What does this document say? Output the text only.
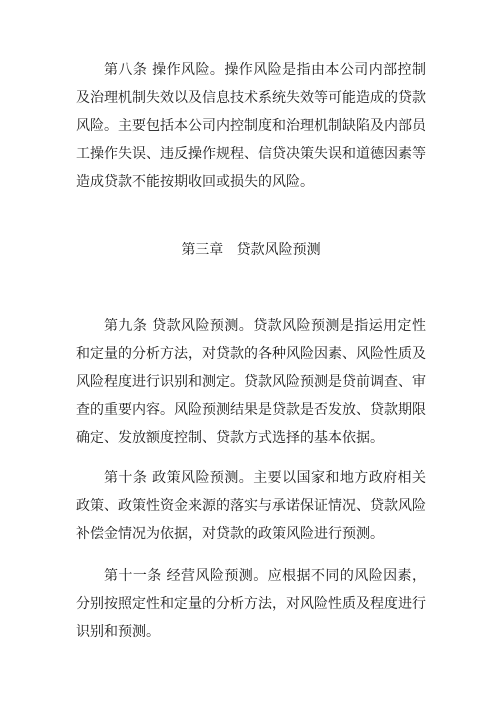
第八条 操作风险。操作风险是指由本公司内部控制及治理机制失效以及信息技术系统失效等可能造成的贷款风险。主要包括本公司内控制度和治理机制缺陷及内部员工操作失误、违反操作规程、信贷决策失误和道德因素等造成贷款不能按期收回或损失的风险。

第三章   贷款风险预测

第九条 贷款风险预测。贷款风险预测是指运用定性和定量的分析方法，对贷款的各种风险因素、风险性质及风险程度进行识别和测定。贷款风险预测是贷前调查、审查的重要内容。风险预测结果是贷款是否发放、贷款期限确定、发放额度控制、贷款方式选择的基本依据。

第十条 政策风险预测。主要以国家和地方政府相关政策、政策性资金来源的落实与承诺保证情况、贷款风险补偿金情况为依据，对贷款的政策风险进行预测。

第十一条 经营风险预测。应根据不同的风险因素，分别按照定性和定量的分析方法，对风险性质及程度进行识别和预测。
